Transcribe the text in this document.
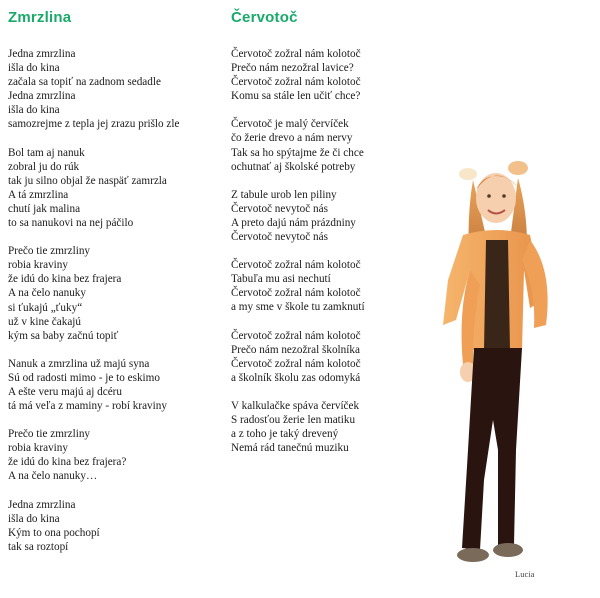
Zmrzlina	Červotoč
Jedna zmrzlina
išla do kina
začala sa topiť na zadnom sedadle
Jedna zmrzlina
išla do kina
samozrejme z tepla jej zrazu prišlo zle
Bol tam aj nanuk
zobral ju do rúk
tak ju silno objal že naspäť zamrzla
A tá zmrzlina
chutí jak malina
to sa nanukovi na nej páčilo
Prečo tie zmrzliny
robia kraviny
že idú do kina bez frajera
A na čelo nanuky
si ťukajú „ťuky“
už v kine čakajú
kým sa baby začnú topiť
Nanuk a zmrzlina už majú syna
Sú od radosti mimo - je to eskimo
A ešte veru majú aj dcéru
tá má veľa z maminy - robí kraviny
Prečo tie zmrzliny
robia kraviny
že idú do kina bez frajera?
A na čelo nanuky…
Jedna zmrzlina
išla do kina
Kým to ona pochopí
tak sa roztopí
Červotoč zožral nám kolotoč
Prečo nám nezožral lavice?
Červotoč zožral nám kolotoč
Komu sa stále len učiť chce?
Červotoč je malý červíček
čo žerie drevo a nám nervy
Tak sa ho spýtajme že či chce
ochutnať aj školské potreby
Z tabule urob len piliny
Červotoč nevytoč nás
A preto dajú nám prázdniny
Červotoč nevytoč nás
Červotoč zožral nám kolotoč
Tabuľa mu asi nechutí
Červotoč zožral nám kolotoč
a my sme v škole tu zamknutí
Červotoč zožral nám kolotoč
Prečo nám nezožral školníka
Červotoč zožral nám kolotoč
a školník školu zas odomyká
V kalkulačke spáva červíček
S radosťou žerie len matiku
a z toho je taký drevený
Nemá rád tanečnú muziku
Lucia
